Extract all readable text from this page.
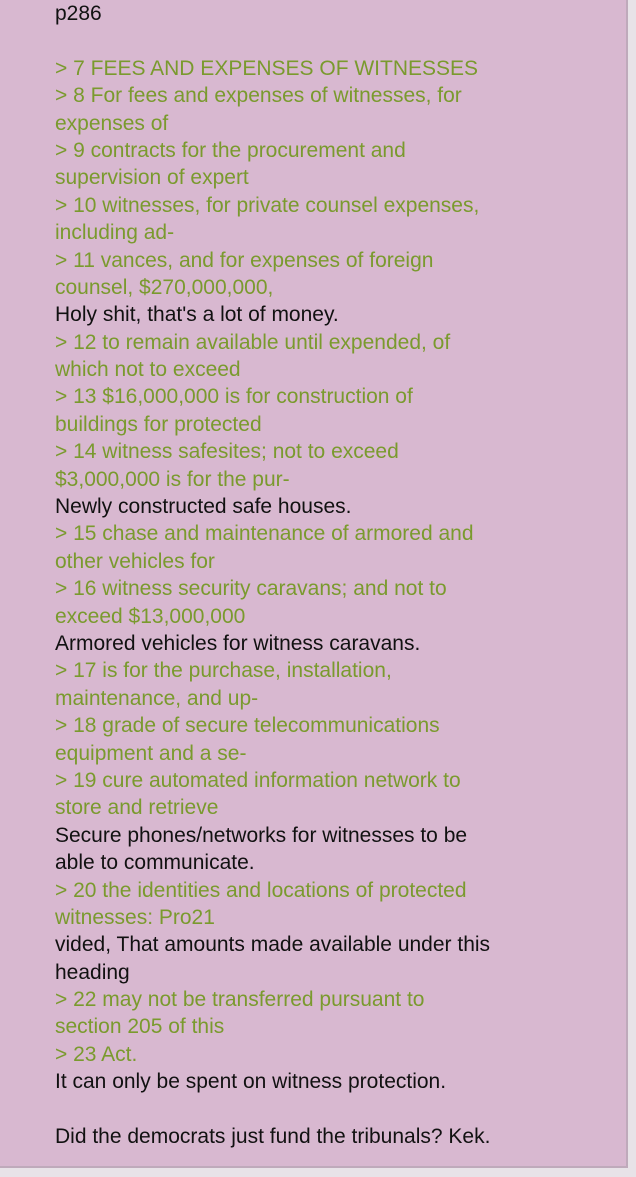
p286
> 7 FEES AND EXPENSES OF WITNESSES
> 8 For fees and expenses of witnesses, for
expenses of
> 9 contracts for the procurement and
supervision of expert
> 10 witnesses, for private counsel expenses,
including ad-
> 11 vances, and for expenses of foreign
counsel, $270,000,000,
Holy shit, that's a lot of money.
> 12 to remain available until expended, of
which not to exceed
> 13 $16,000,000 is for construction of
buildings for protected
> 14 witness safesites; not to exceed
$3,000,000 is for the pur-
Newly constructed safe houses.
> 15 chase and maintenance of armored and
other vehicles for
> 16 witness security caravans; and not to
exceed $13,000,000
Armored vehicles for witness caravans.
> 17 is for the purchase, installation,
maintenance, and up-
> 18 grade of secure telecommunications
equipment and a se-
> 19 cure automated information network to
store and retrieve
Secure phones/networks for witnesses to be
able to communicate.
> 20 the identities and locations of protected
witnesses: Pro21
vided, That amounts made available under this
heading
> 22 may not be transferred pursuant to
section 205 of this
> 23 Act.
It can only be spent on witness protection.
Did the democrats just fund the tribunals? Kek.
